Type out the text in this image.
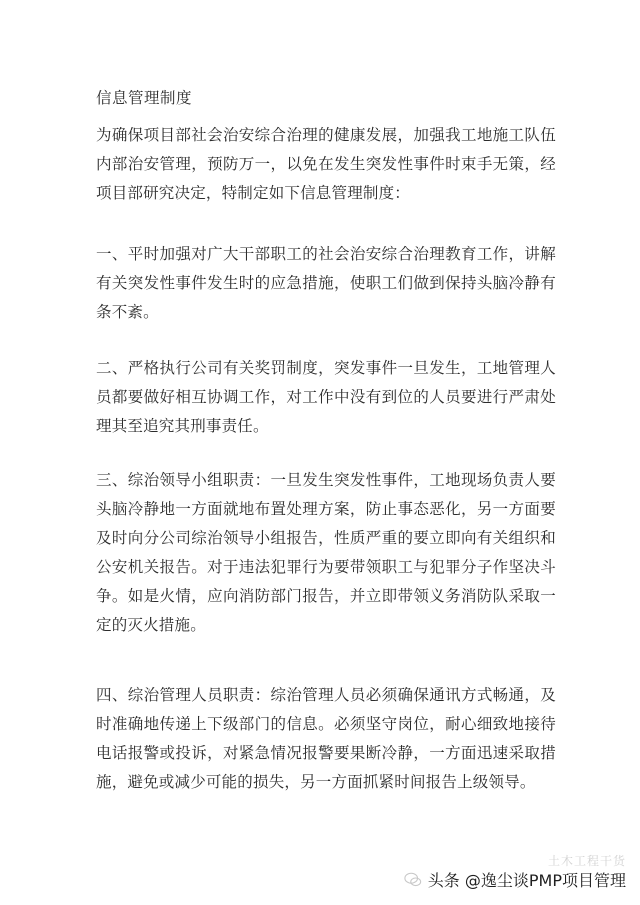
信息管理制度
为确保项目部社会治安综合治理的健康发展，加强我工地施工队伍内部治安管理，预防万一，以免在发生突发性事件时束手无策，经项目部研究决定，特制定如下信息管理制度：
一、平时加强对广大干部职工的社会治安综合治理教育工作，讲解有关突发性事件发生时的应急措施，使职工们做到保持头脑冷静有条不紊。
二、严格执行公司有关奖罚制度，突发事件一旦发生，工地管理人员都要做好相互协调工作，对工作中没有到位的人员要进行严肃处理其至追究其刑事责任。
三、综治领导小组职责：一旦发生突发性事件，工地现场负责人要头脑冷静地一方面就地布置处理方案，防止事态恶化，另一方面要及时向分公司综治领导小组报告，性质严重的要立即向有关组织和公安机关报告。对于违法犯罪行为要带领职工与犯罪分子作坚决斗争。如是火情，应向消防部门报告，并立即带领义务消防队采取一定的灭火措施。
四、综治管理人员职责：综治管理人员必须确保通讯方式畅通，及时准确地传递上下级部门的信息。必须坚守岗位，耐心细致地接待电话报警或投诉，对紧急情况报警要果断冷静，一方面迅速采取措施，避免或减少可能的损失，另一方面抓紧时间报告上级领导。
土木工程干货
头条 @逸尘谈PMP项目管理
